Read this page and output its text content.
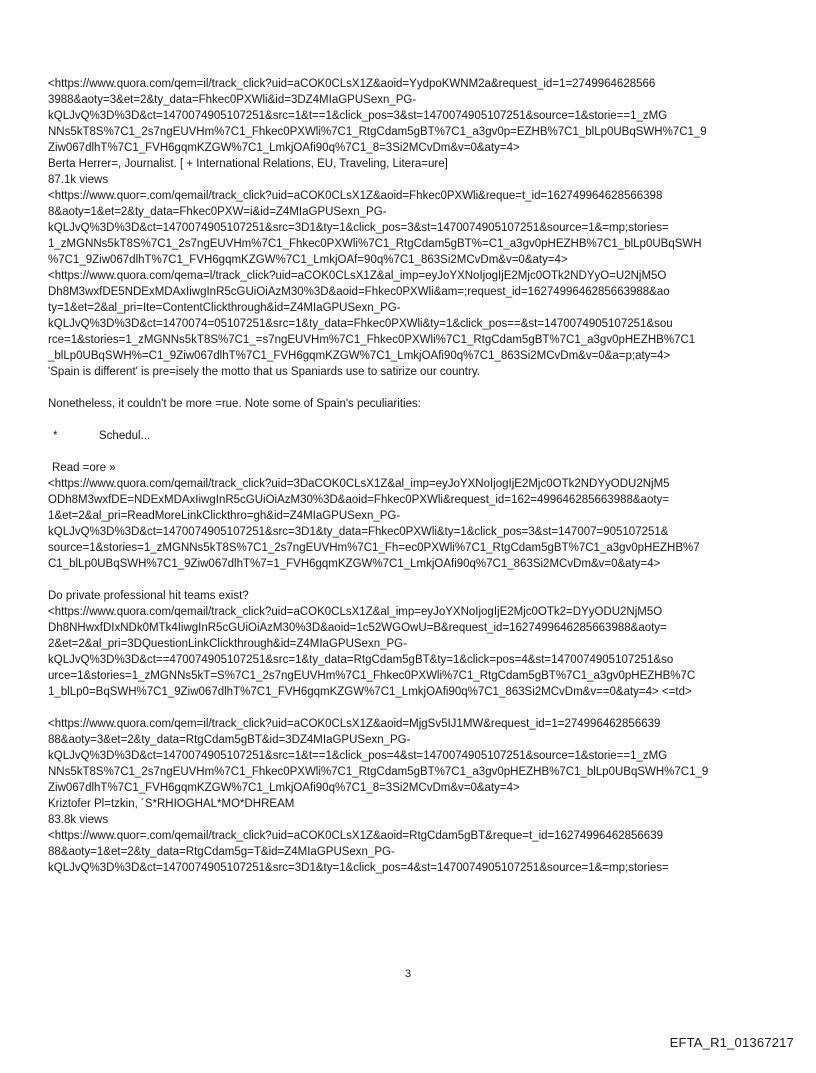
<https://www.quora.com/qem=il/track_click?uid=aCOK0CLsX1Z&aoid=YydpoKWNM2a&request_id=1=2749964628566
3988&aoty=3&et=2&ty_data=Fhkec0PXWli&id=3DZ4MIaGPUSexn_PG-
kQLJvQ%3D%3D&ct=1470074905107251&src=1&t==1&click_pos=3&st=1470074905107251&source=1&storie==1_zMG
NNs5kT8S%7C1_2s7ngEUVHm%7C1_Fhkec0PXWli%7C1_RtgCdam5gBT%7C1_a3gv0p=EZHB%7C1_blLp0UBqSWH%7C1_9
Ziw067dlhT%7C1_FVH6gqmKZGW%7C1_LmkjOAfi90q%7C1_8=3Si2MCvDm&v=0&aty=4>
Berta Herrer=, Journalist. [ + International Relations, EU, Traveling, Litera=ure]
87.1k views
<https://www.quor=.com/qemail/track_click?uid=aCOK0CLsX1Z&aoid=Fhkec0PXWli&reque=t_id=162749964628566398
8&aoty=1&et=2&ty_data=Fhkec0PXW=i&id=Z4MIaGPUSexn_PG-
kQLJvQ%3D%3D&ct=1470074905107251&src=3D1&ty=1&click_pos=3&st=1470074905107251&source=1&=mp;stories=
1_zMGNNs5kT8S%7C1_2s7ngEUVHm%7C1_Fhkec0PXWli%7C1_RtgCdam5gBT%=C1_a3gv0pHEZHB%7C1_blLp0UBqSWH
%7C1_9Ziw067dlhT%7C1_FVH6gqmKZGW%7C1_LmkjOAf=90q%7C1_863Si2MCvDm&v=0&aty=4>
<https://www.quora.com/qema=l/track_click?uid=aCOK0CLsX1Z&al_imp=eyJoYXNoIjogIjE2Mjc0OTk2NDYyO=U2NjM5O
Dh8M3wxfDE5NDExMDAxIiwgInR5cGUiOiAzM30%3D&aoid=Fhkec0PXWli&am=;request_id=1627499646285663988&ao
ty=1&et=2&al_pri=Ite=ContentClickthrough&id=Z4MIaGPUSexn_PG-
kQLJvQ%3D%3D&ct=1470074=05107251&src=1&ty_data=Fhkec0PXWli&ty=1&click_pos==&st=1470074905107251&sou
rce=1&stories=1_zMGNNs5kT8S%7C1_=s7ngEUVHm%7C1_Fhkec0PXWli%7C1_RtgCdam5gBT%7C1_a3gv0pHEZHB%7C1
_blLp0UBqSWH%=C1_9Ziw067dlhT%7C1_FVH6gqmKZGW%7C1_LmkjOAfi90q%7C1_863Si2MCvDm&v=0&a=p;aty=4>
'Spain is different' is pre=isely the motto that us Spaniards use to satirize our country.
Nonetheless, it couldn't be more =rue. Note some of Spain's peculiarities:
*	Schedul...
Read =ore »
<https://www.quora.com/qemail/track_click?uid=3DaCOK0CLsX1Z&al_imp=eyJoYXNoIjogIjE2Mjc0OTk2NDYyODU2NjM5
ODh8M3wxfDE=NDExMDAxIiwgInR5cGUiOiAzM30%3D&aoid=Fhkec0PXWli&request_id=162=499646285663988&aoty=
1&et=2&al_pri=ReadMoreLinkClickthro=gh&id=Z4MIaGPUSexn_PG-
kQLJvQ%3D%3D&ct=1470074905107251&src=3D1&ty_data=Fhkec0PXWli&ty=1&click_pos=3&st=147007=905107251&
source=1&stories=1_zMGNNs5kT8S%7C1_2s7ngEUVHm%7C1_Fh=ec0PXWli%7C1_RtgCdam5gBT%7C1_a3gv0pHEZHB%7
C1_blLp0UBqSWH%7C1_9Ziw067dlhT%7=1_FVH6gqmKZGW%7C1_LmkjOAfi90q%7C1_863Si2MCvDm&v=0&aty=4>
Do private professional hit teams exist?
<https://www.quora.com/qemail/track_click?uid=aCOK0CLsX1Z&al_imp=eyJoYXNoIjogIjE2Mjc0OTk2=DYyODU2NjM5O
Dh8NHwxfDIxNDk0MTk4IiwgInR5cGUiOiAzM30%3D&aoid=1c52WGOwU=B&request_id=1627499646285663988&aoty=
2&et=2&al_pri=3DQuestionLinkClickthrough&id=Z4MIaGPUSexn_PG-
kQLJvQ%3D%3D&ct==470074905107251&src=1&ty_data=RtgCdam5gBT&ty=1&click=pos=4&st=1470074905107251&so
urce=1&stories=1_zMGNNs5kT=S%7C1_2s7ngEUVHm%7C1_Fhkec0PXWli%7C1_RtgCdam5gBT%7C1_a3gv0pHEZHB%7C
1_blLp0=BqSWH%7C1_9Ziw067dlhT%7C1_FVH6gqmKZGW%7C1_LmkjOAfi90q%7C1_863Si2MCvDm&v==0&aty=4> <=td>
<https://www.quora.com/qem=il/track_click?uid=aCOK0CLsX1Z&aoid=MjgSv5IJ1MW&request_id=1=274996462856639
88&aoty=3&et=2&ty_data=RtgCdam5gBT&id=3DZ4MIaGPUSexn_PG-
kQLJvQ%3D%3D&ct=1470074905107251&src=1&t==1&click_pos=4&st=1470074905107251&source=1&storie==1_zMG
NNs5kT8S%7C1_2s7ngEUVHm%7C1_Fhkec0PXWli%7C1_RtgCdam5gBT%7C1_a3gv0pHEZHB%7C1_blLp0UBqSWH%7C1_9
Ziw067dlhT%7C1_FVH6gqmKZGW%7C1_LmkjOAfi90q%7C1_8=3Si2MCvDm&v=0&aty=4>
Kriztofer Pl=tzkin, ´S*RHIOGHAL*MO*DHREAM
83.8k views
<https://www.quor=.com/qemail/track_click?uid=aCOK0CLsX1Z&aoid=RtgCdam5gBT&reque=t_id=16274996462856639
88&aoty=1&et=2&ty_data=RtgCdam5g=T&id=Z4MIaGPUSexn_PG-
kQLJvQ%3D%3D&ct=1470074905107251&src=3D1&ty=1&click_pos=4&st=1470074905107251&source=1&=mp;stories=
3
EFTA_R1_01367217
